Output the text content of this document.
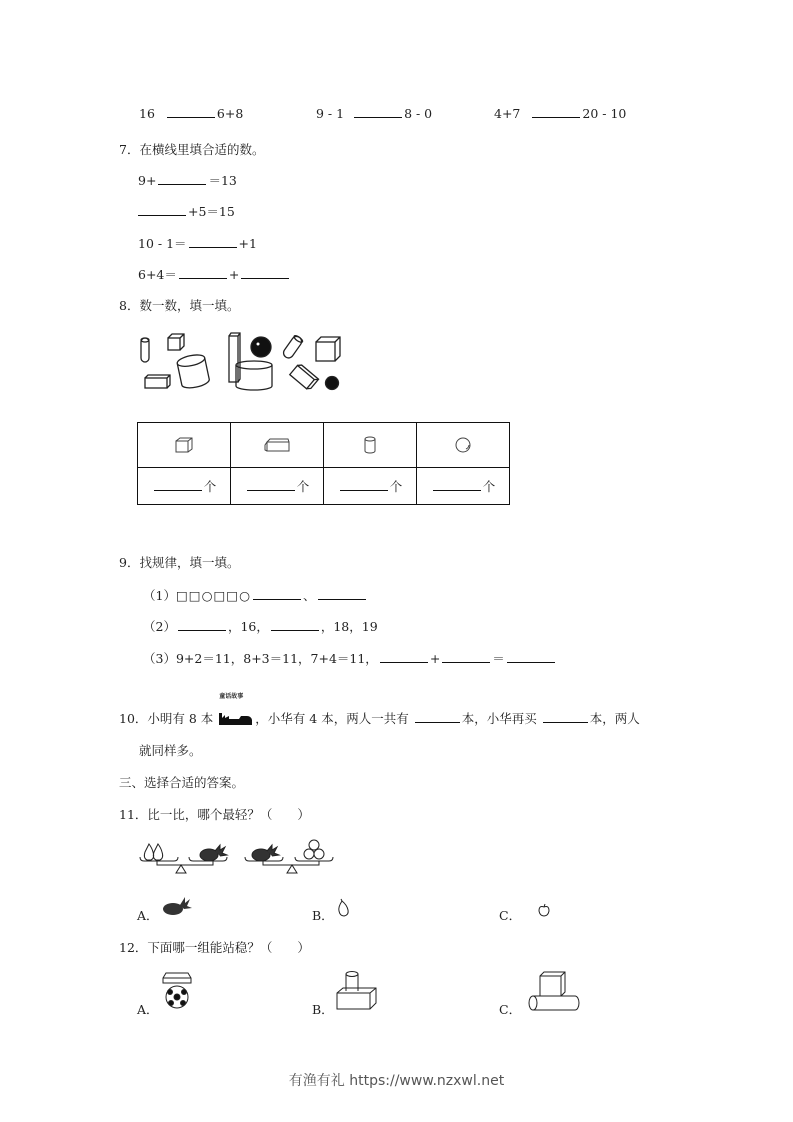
16	6+8	9 - 1	8 - 0	4+7	20 - 10
7．在横线里填合适的数。
9+	＝13
+5＝15
10 - 1＝	+1
6+4＝	+
8．数一数，填一填。

个	个	个	个
9．找规律，填一填。
（1）□□○□□○	、
（2）	，16，	，18，19
（3）9+2＝11，8+3＝11，7+4＝11，	+	＝
10．小明有 8 本
童话故事
，小华有 4 本，两人一共有	本，小华再买	本，两人
就同样多。
三、选择合适的答案。
11．比一比，哪个最轻？（　　）
A．	B．	C．
12．下面哪一组能站稳？（　　）
A．	B．	C．
有渔有礼 https://www.nzxwl.net
